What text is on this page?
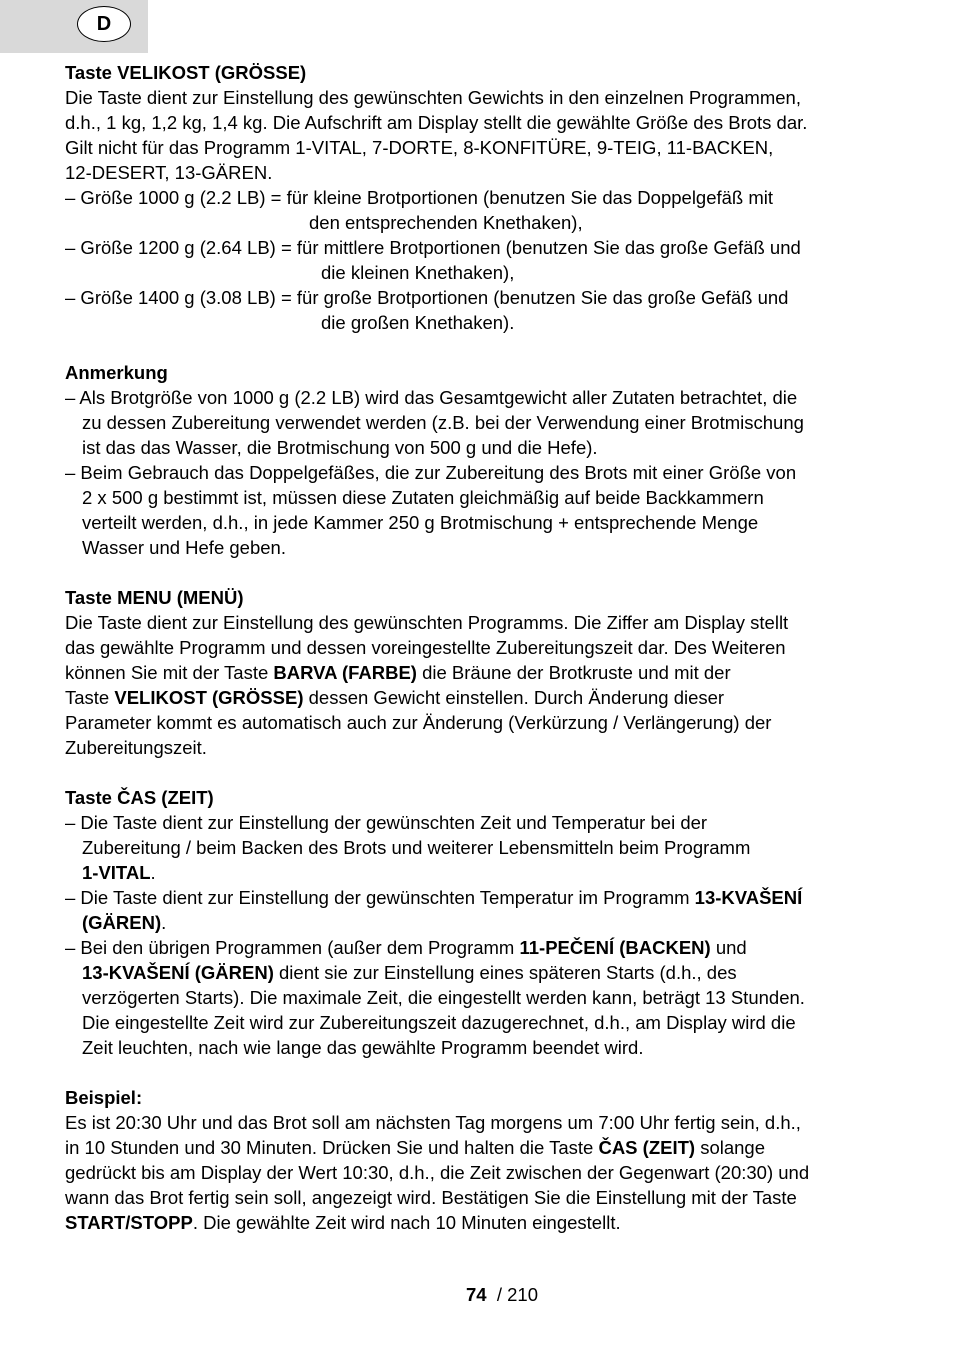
D
Taste VELIKOST (GRÖSSE)
Die Taste dient zur Einstellung des gewünschten Gewichts in den einzelnen Programmen,
d.h., 1 kg, 1,2 kg, 1,4 kg. Die Aufschrift am Display stellt die gewählte Größe des Brots dar.
Gilt nicht für das Programm 1-VITAL, 7-DORTE, 8-KONFITÜRE, 9-TEIG, 11-BACKEN,
12-DESERT, 13-GÄREN.
– Größe 1000 g (2.2 LB) = für kleine Brotportionen (benutzen Sie das Doppelgefäß mit
den entsprechenden Knethaken),
– Größe 1200 g (2.64 LB) = für mittlere Brotportionen (benutzen Sie das große Gefäß und
die kleinen Knethaken),
– Größe 1400 g (3.08 LB) = für große Brotportionen (benutzen Sie das große Gefäß und
die großen Knethaken).
Anmerkung
– Als Brotgröße von 1000 g (2.2 LB) wird das Gesamtgewicht aller Zutaten betrachtet, die
zu dessen Zubereitung verwendet werden (z.B. bei der Verwendung einer Brotmischung
ist das das Wasser, die Brotmischung von 500 g und die Hefe).
– Beim Gebrauch das Doppelgefäßes, die zur Zubereitung des Brots mit einer Größe von
2 x 500 g bestimmt ist, müssen diese Zutaten gleichmäßig auf beide Backkammern
verteilt werden, d.h., in jede Kammer 250 g Brotmischung + entsprechende Menge
Wasser und Hefe geben.
Taste MENU (MENÜ)
Die Taste dient zur Einstellung des gewünschten Programms. Die Ziffer am Display stellt
das gewählte Programm und dessen voreingestellte Zubereitungszeit dar. Des Weiteren
können Sie mit der Taste BARVA (FARBE) die Bräune der Brotkruste und mit der
Taste VELIKOST (GRÖSSE) dessen Gewicht einstellen. Durch Änderung dieser
Parameter kommt es automatisch auch zur Änderung (Verkürzung / Verlängerung) der
Zubereitungszeit.
Taste ČAS (ZEIT)
– Die Taste dient zur Einstellung der gewünschten Zeit und Temperatur bei der
Zubereitung / beim Backen des Brots und weiterer Lebensmitteln beim Programm
1-VITAL.
– Die Taste dient zur Einstellung der gewünschten Temperatur im Programm 13-KVAŠENÍ
(GÄREN).
– Bei den übrigen Programmen (außer dem Programm 11-PEČENÍ (BACKEN) und
13-KVAŠENÍ (GÄREN) dient sie zur Einstellung eines späteren Starts (d.h., des
verzögerten Starts). Die maximale Zeit, die eingestellt werden kann, beträgt 13 Stunden.
Die eingestellte Zeit wird zur Zubereitungszeit dazugerechnet, d.h., am Display wird die
Zeit leuchten, nach wie lange das gewählte Programm beendet wird.
Beispiel:
Es ist 20:30 Uhr und das Brot soll am nächsten Tag morgens um 7:00 Uhr fertig sein, d.h.,
in 10 Stunden und 30 Minuten. Drücken Sie und halten die Taste ČAS (ZEIT) solange
gedrückt bis am Display der Wert 10:30, d.h., die Zeit zwischen der Gegenwart (20:30) und
wann das Brot fertig sein soll, angezeigt wird. Bestätigen Sie die Einstellung mit der Taste
START/STOPP. Die gewählte Zeit wird nach 10 Minuten eingestellt.
74 / 210
